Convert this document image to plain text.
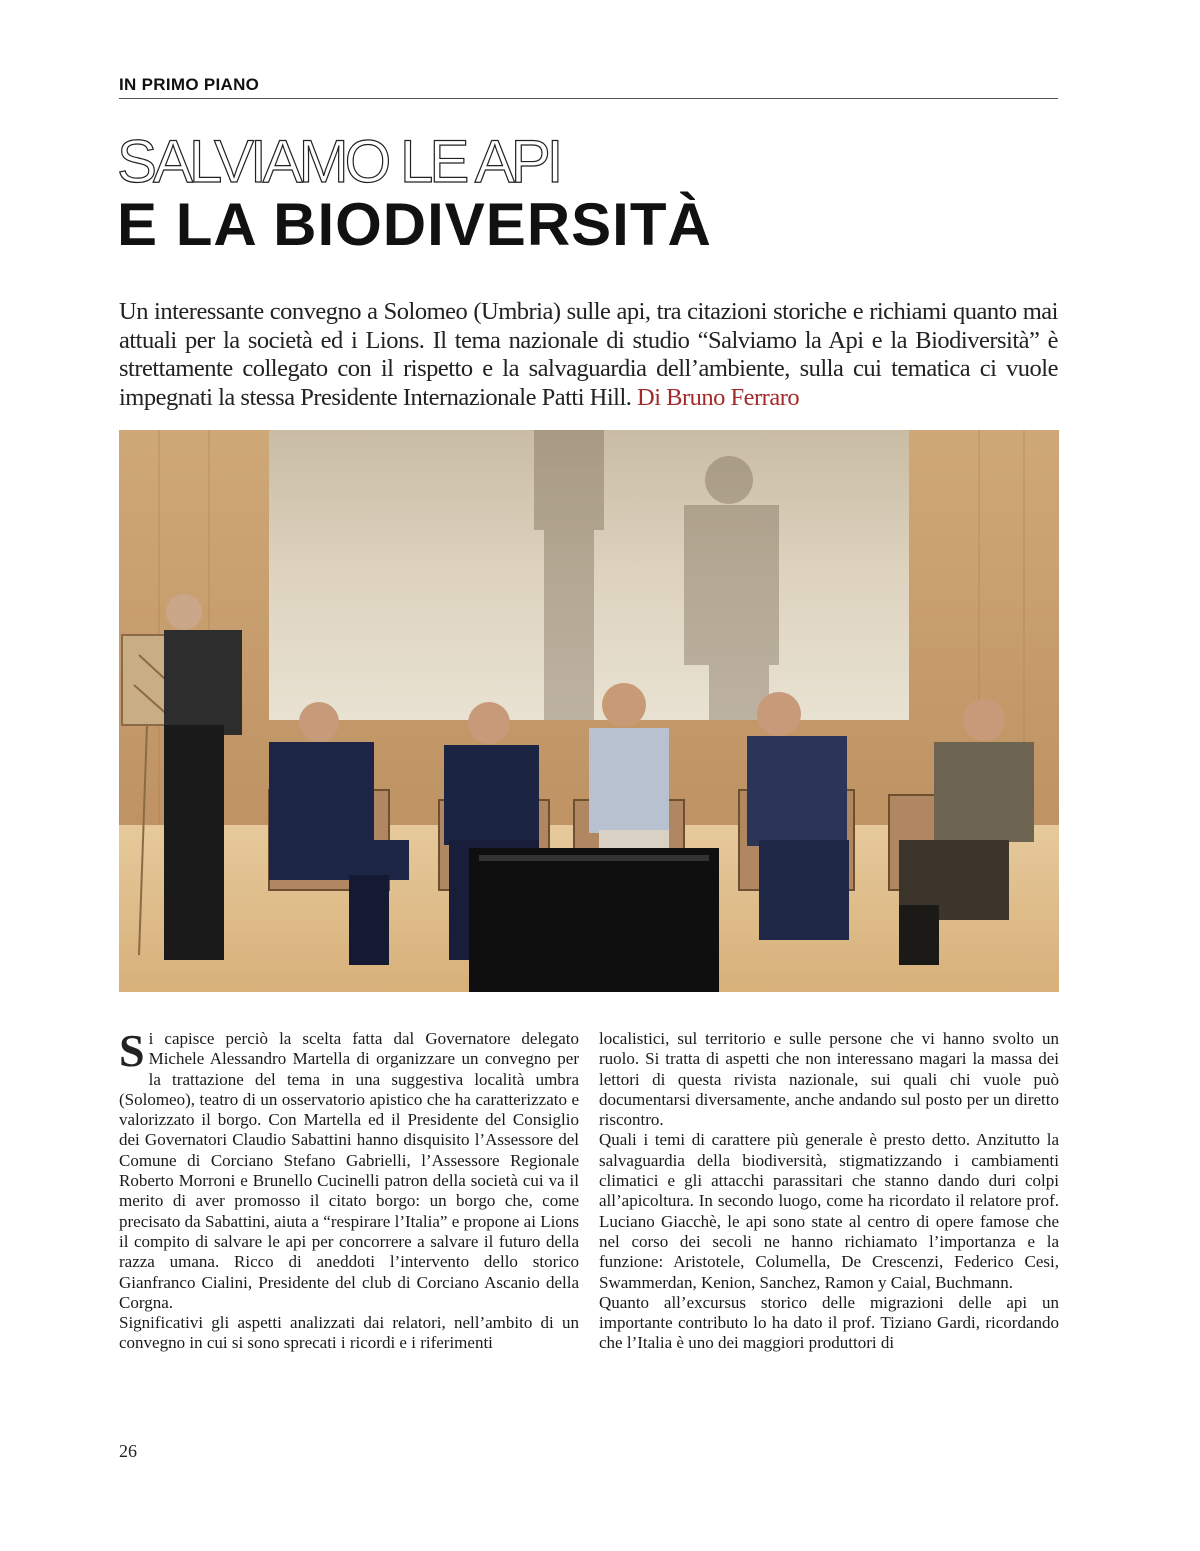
IN PRIMO PIANO
SALVIAMO LE API
E LA BIODIVERSITÀ
Un interessante convegno a Solomeo (Umbria) sulle api, tra citazioni storiche e richiami quanto mai attuali per la società ed i Lions. Il tema nazionale di studio “Salviamo la Api e la Biodiversità” è strettamente collegato con il rispetto e la salvaguardia dell’ambiente, sulla cui tematica ci vuole impegnati la stessa Presidente Internazionale Patti Hill. Di Bruno Ferraro

Si capisce perciò la scelta fatta dal Governatore delegato Michele Alessandro Martella di organizzare un convegno per la trattazione del tema in una suggestiva località umbra (Solomeo), teatro di un osservatorio apistico che ha caratterizzato e valorizzato il borgo. Con Martella ed il Presidente del Consiglio dei Governatori Claudio Sabattini hanno disquisito l’Assessore del Comune di Corciano Stefano Gabrielli, l’Assessore Regionale Roberto Morroni e Brunello Cucinelli patron della società cui va il merito di aver promosso il citato borgo: un borgo che, come precisato da Sabattini, aiuta a “respirare l’Italia” e propone ai Lions il compito di salvare le api per concorrere a salvare il futuro della razza umana. Ricco di aneddoti l’intervento dello storico Gianfranco Cialini, Presidente del club di Corciano Ascanio della Corgna.

Significativi gli aspetti analizzati dai relatori, nell’ambito di un convegno in cui si sono sprecati i ricordi e i riferimenti

localistici, sul territorio e sulle persone che vi hanno svolto un ruolo. Si tratta di aspetti che non interessano magari la massa dei lettori di questa rivista nazionale, sui quali chi vuole può documentarsi diversamente, anche andando sul posto per un diretto riscontro.

Quali i temi di carattere più generale è presto detto. Anzitutto la salvaguardia della biodiversità, stigmatizzando i cambiamenti climatici e gli attacchi parassitari che stanno dando duri colpi all’apicoltura. In secondo luogo, come ha ricordato il relatore prof. Luciano Giacchè, le api sono state al centro di opere famose che nel corso dei secoli ne hanno richiamato l’importanza e la funzione: Aristotele, Columella, De Crescenzi, Federico Cesi, Swammerdan, Kenion, Sanchez, Ramon y Caial, Buchmann.

Quanto all’excursus storico delle migrazioni delle api un importante contributo lo ha dato il prof. Tiziano Gardi, ricordando che l’Italia è uno dei maggiori produttori di

26
